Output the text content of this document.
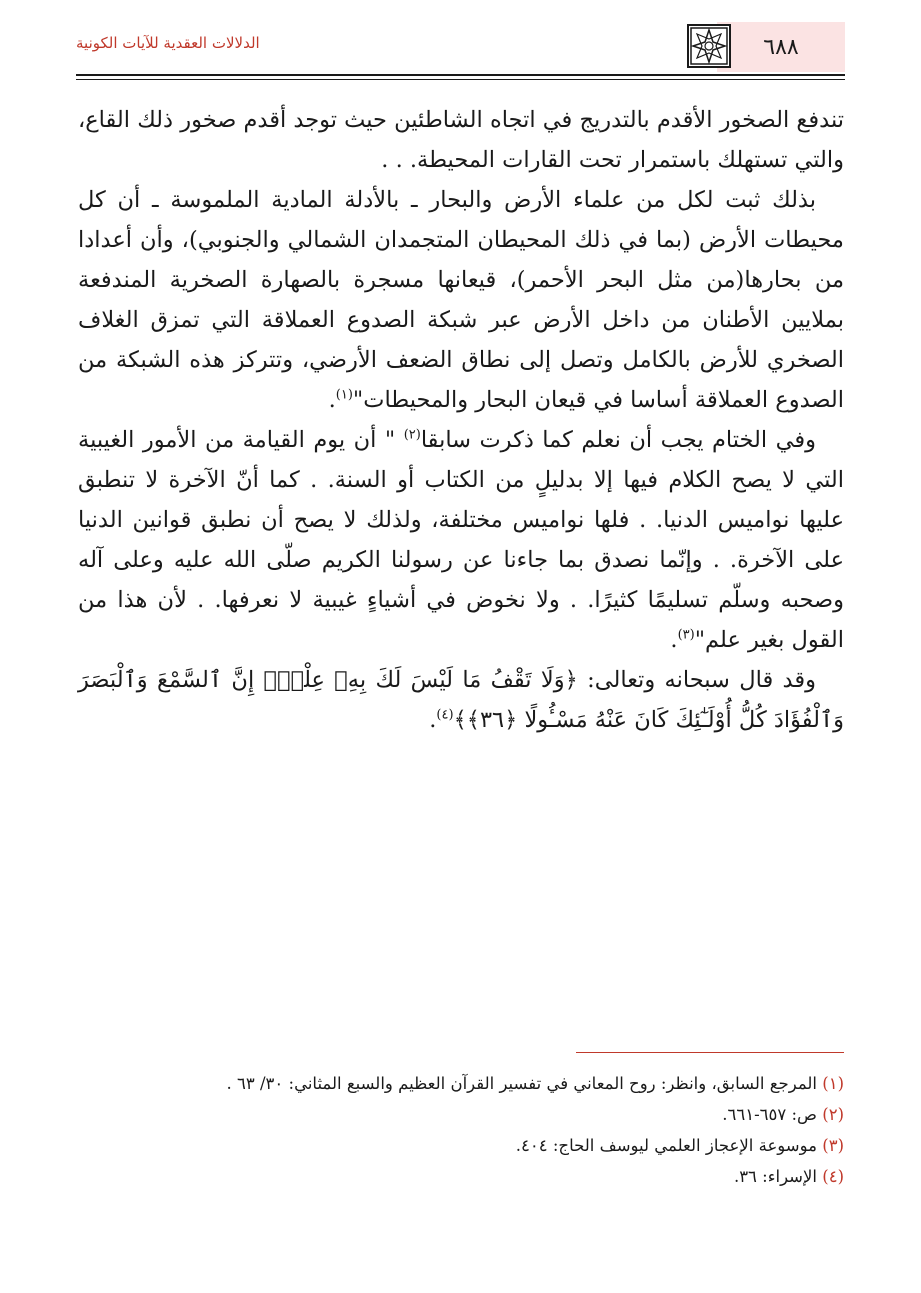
٦٨٨
الدلالات العقدية للآيات الكونية

تندفع الصخور الأقدم بالتدريج في اتجاه الشاطئين حيث توجد أقدم صخور ذلك القاع، والتي تستهلك باستمرار تحت القارات المحيطة. . .

بذلك ثبت لكل من علماء الأرض والبحار ـ بالأدلة المادية الملموسة ـ أن كل محيطات الأرض (بما في ذلك المحيطان المتجمدان الشمالي والجنوبي)، وأن أعدادا من بحارها(من مثل البحر الأحمر)، قيعانها مسجرة بالصهارة الصخرية المندفعة بملايين الأطنان من داخل الأرض عبر شبكة الصدوع العملاقة التي تمزق الغلاف الصخري للأرض بالكامل وتصل إلى نطاق الضعف الأرضي، وتتركز هذه الشبكة من الصدوع العملاقة أساسا في قيعان البحار والمحيطات"$^{(١)}$.

وفي الختام يجب أن نعلم كما ذكرت سابقا$^{(٢)}$ " أن يوم القيامة من الأمور الغيبية التي لا يصح الكلام فيها إلا بدليلٍ من الكتاب أو السنة. . كما أنّ الآخرة لا تنطبق عليها نواميس الدنيا. . فلها نواميس مختلفة، ولذلك لا يصح أن نطبق قوانين الدنيا على الآخرة. . وإنّما نصدق بما جاءنا عن رسولنا الكريم صلّى الله عليه وعلى آله وصحبه وسلّم تسليمًا كثيرًا. . ولا نخوض في أشياءٍ غيبية لا نعرفها. . لأن هذا من القول بغير علم"$^{(٣)}$.

وقد قال سبحانه وتعالى: ﴿وَلَا تَقْفُ مَا لَيْسَ لَكَ بِهِۦ عِلْمٌۚ إِنَّ ٱلسَّمْعَ وَٱلْبَصَرَ وَٱلْفُؤَادَ كُلُّ أُوْلَـٰٓئِكَ كَانَ عَنْهُ مَسْـُٔولًا ﴿٣٦﴾﴾$^{(٤)}$.

(١) المرجع السابق، وانظر: روح المعاني في تفسير القرآن العظيم والسبع المثاني: ٣٠/ ٦٣ .

(٢) ص: ٦٥٧-٦٦١.

(٣) موسوعة الإعجاز العلمي ليوسف الحاج: ٤٠٤.

(٤) الإسراء: ٣٦.
